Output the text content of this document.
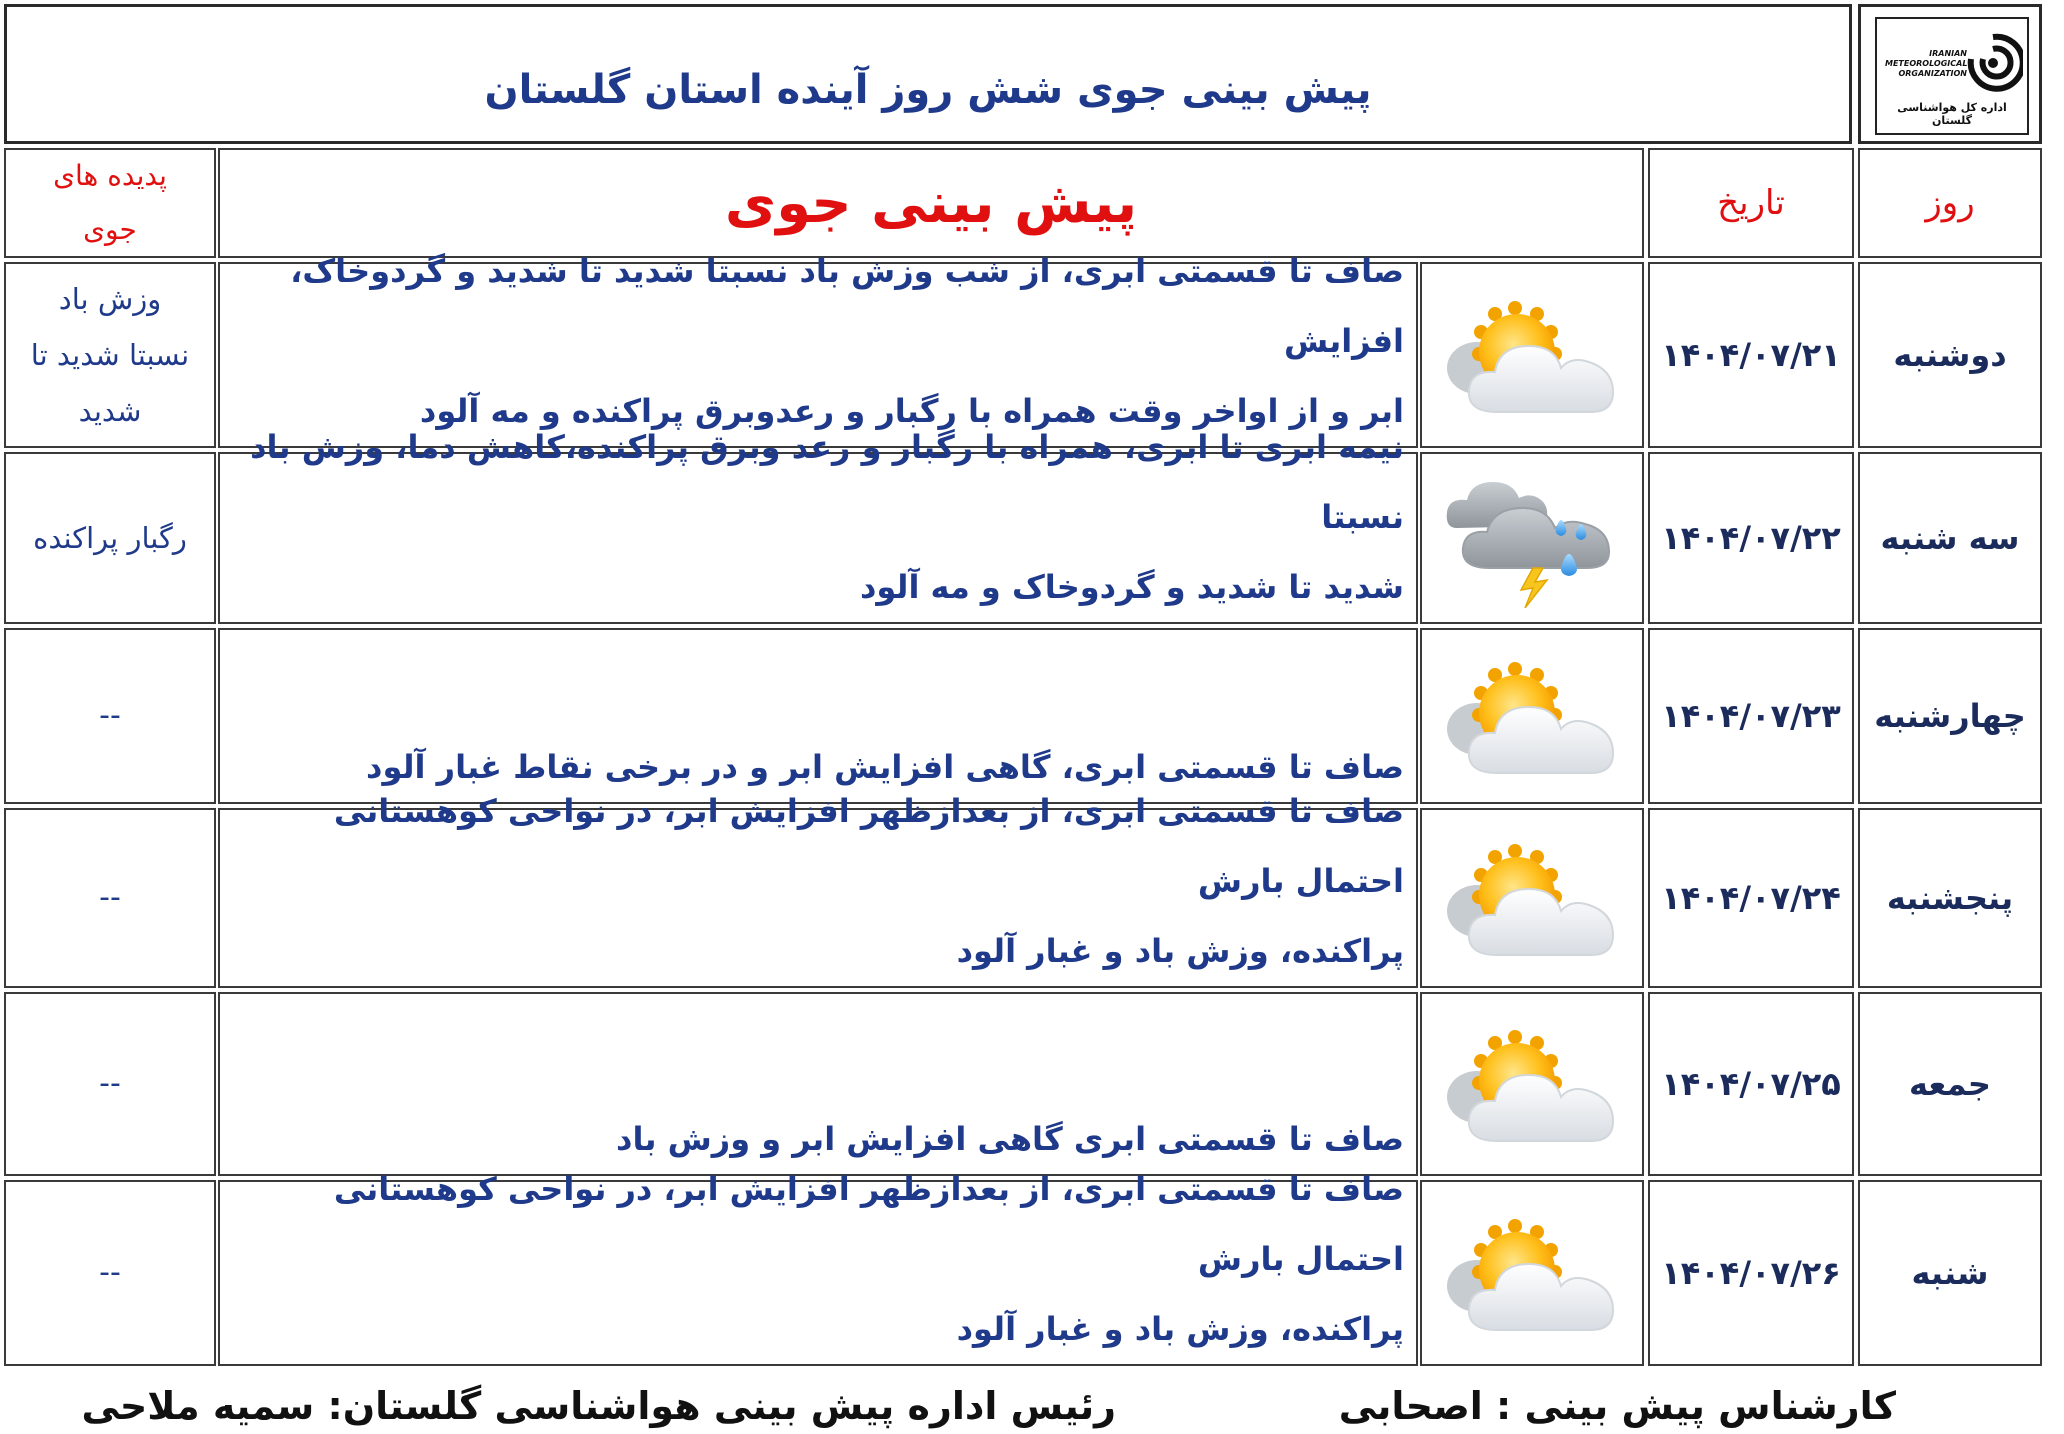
پیش بینی جوی شش روز آینده استان گلستان
IRANIAN METEOROLOGICAL ORGANIZATION
اداره کل هواشناسی گلستان
روز
تاریخ
پیش بینی جوی
پدیده های جوی
دوشنبه
۱۴۰۴/۰۷/۲۱
صاف تا قسمتی ابری، از شب وزش باد نسبتا شدید تا شدید و گردوخاک، افزایش
ابر و از اواخر وقت همراه با رگبار و رعدوبرق پراکنده و مه آلود
وزش باد
نسبتا شدید تا
شدید
سه شنبه
۱۴۰۴/۰۷/۲۲
نیمه ابری تا ابری، همراه با رگبار و رعد وبرق پراکنده،کاهش دما، وزش باد نسبتا
شدید تا شدید و گردوخاک و مه آلود
رگبار پراکنده
چهارشنبه
۱۴۰۴/۰۷/۲۳
صاف تا قسمتی ابری، گاهی افزایش ابر و در برخی نقاط غبار آلود
--
پنجشنبه
۱۴۰۴/۰۷/۲۴
صاف تا قسمتی ابری، از بعدازظهر افزایش ابر، در نواحی کوهستانی احتمال بارش
پراکنده، وزش باد و غبار آلود
--
جمعه
۱۴۰۴/۰۷/۲۵
صاف تا قسمتی ابری گاهی افزایش ابر و وزش باد
--
شنبه
۱۴۰۴/۰۷/۲۶
صاف تا قسمتی ابری، از بعدازظهر افزایش ابر، در نواحی کوهستانی احتمال بارش
پراکنده، وزش باد و غبار آلود
--
کارشناس پیش بینی : اصحابی
رئیس اداره پیش بینی هواشناسی گلستان: سمیه ملاحی
